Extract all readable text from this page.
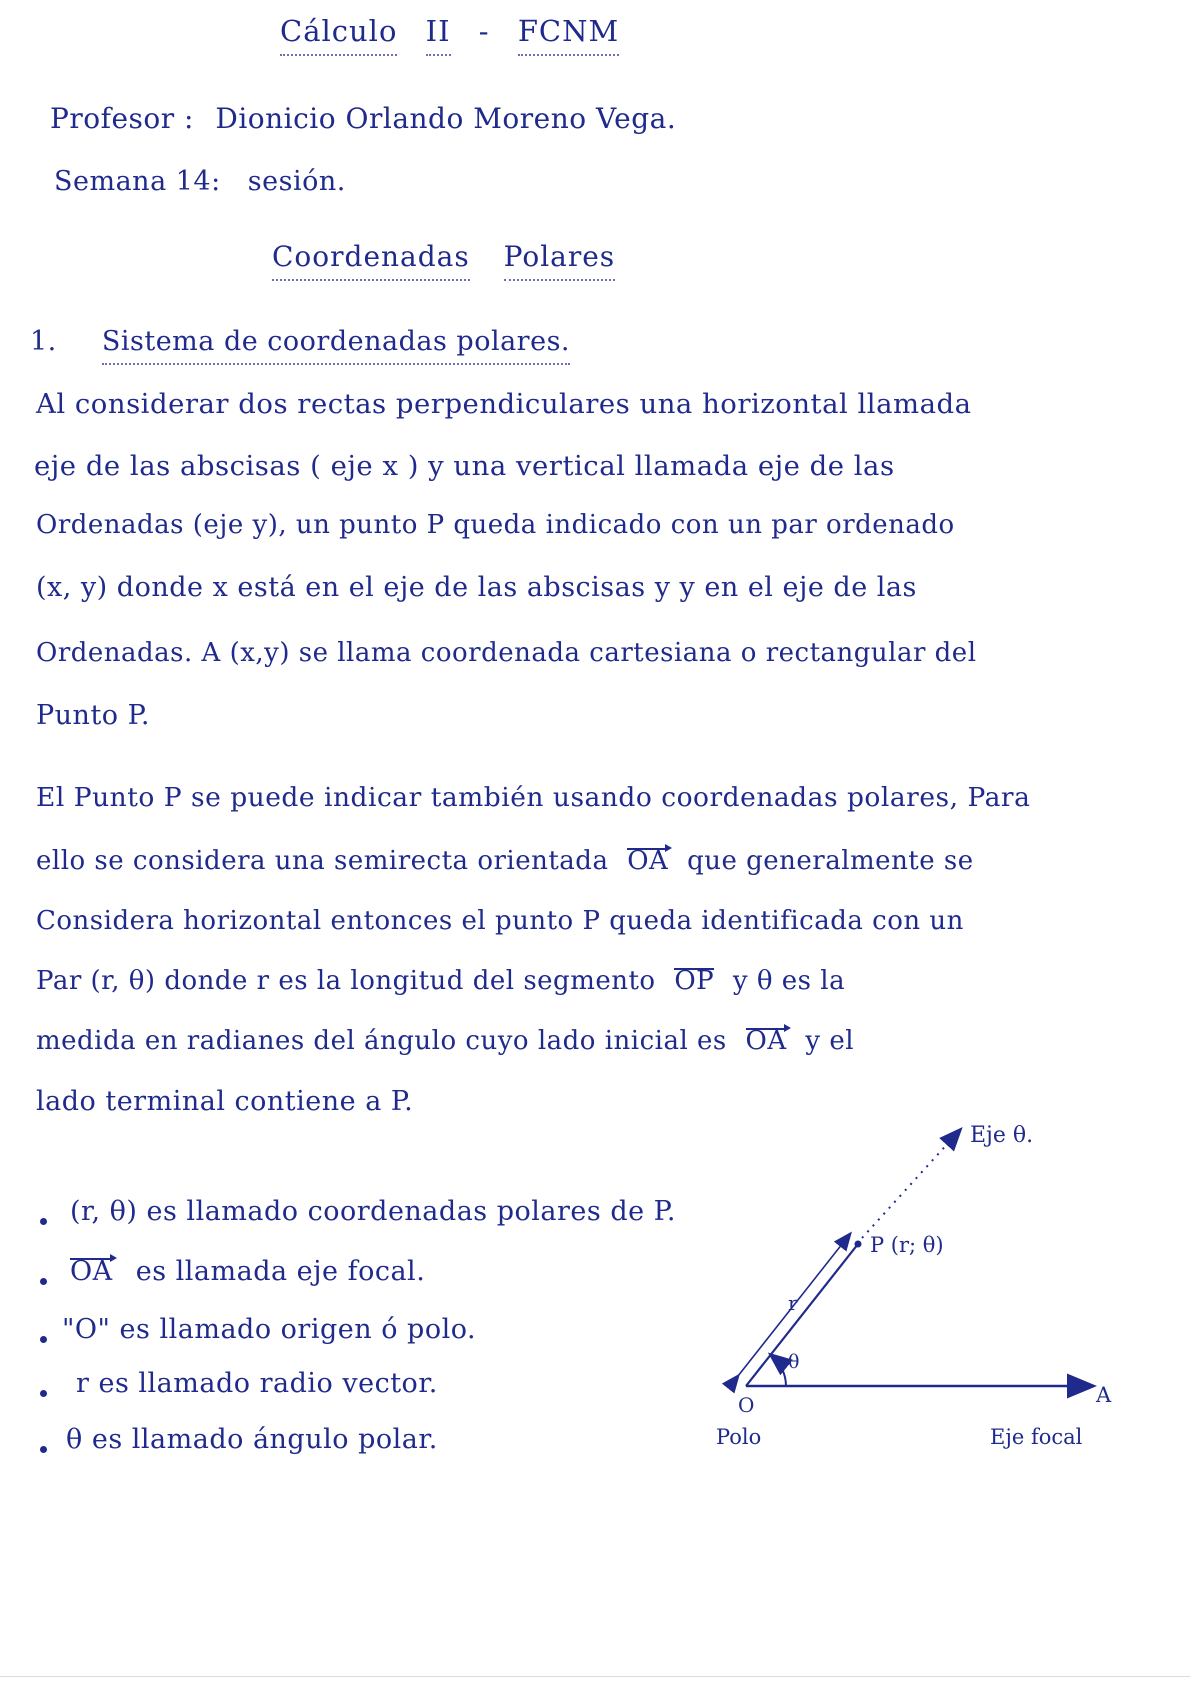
Cálculo II - FCNM
Profesor : Dionicio Orlando Moreno Vega.
Semana 14: sesión.
Coordenadas Polares
1. Sistema de coordenadas polares.
Al considerar dos rectas perpendiculares una horizontal llamada
eje de las abscisas ( eje x ) y una vertical llamada eje de las
Ordenadas (eje y), un punto P queda indicado con un par ordenado
(x, y) donde x está en el eje de las abscisas y y en el eje de las
Ordenadas. A (x,y) se llama coordenada cartesiana o rectangular del
Punto P.
El Punto P se puede indicar también usando coordenadas polares, Para
ello se considera una semirecta orientada OA que generalmente se
Considera horizontal entonces el punto P queda identificada con un
Par (r, θ) donde r es la longitud del segmento OP y θ es la
medida en radianes del ángulo cuyo lado inicial es OA y el
lado terminal contiene a P.
(r, θ) es llamado coordenadas polares de P.
OA es llamada eje focal.
"O" es llamado origen ó polo.
r es llamado radio vector.
θ es llamado ángulo polar.
Eje θ.
P (r; θ)
r
θ
O
Polo
A
Eje focal
